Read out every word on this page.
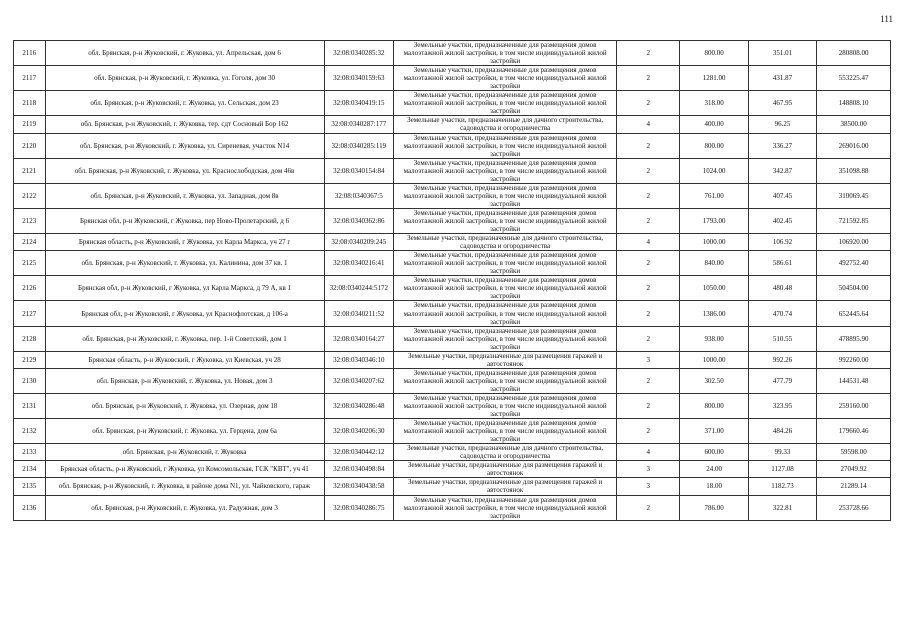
111

2116	обл. Брянская, р-н Жуковский, г. Жуковка, ул. Апрельская, дом 6		32:08:0340285:32	Земельные участки, предназначенные для размещения домов малоэтажной жилой застройки, в том числе индивидуальной жилой застройки	2	800.00	351.01	280808.00
2117	обл. Брянская, р-н Жуковский, г. Жуковка, ул. Гоголя, дом 30		32:08:0340159:63	Земельные участки, предназначенные для размещения домов малоэтажной жилой застройки, в том числе индивидуальной жилой застройки	2	1281.00	431.87	553225.47
2118	обл. Брянская, р-н Жуковский, г. Жуковка, ул. Сельская, дом 23		32:08:0340419:15	Земельные участки, предназначенные для размещения домов малоэтажной жилой застройки, в том числе индивидуальной жилой застройки	2	318.00	467.95	148808.10
2119	обл. Брянская, р-н Жуковский, г. Жуковка, тер. сдт Сосновый Бор 162		32:08:0340287:177	Земельные участки, предназначенные для дачного строительства, садоводства и огородничества	4	400.00	96.25	38500.00
2120	обл. Брянская, р-н Жуковский, г. Жуковка, ул. Сиреневая, участок N14		32:08:0340285:119	Земельные участки, предназначенные для размещения домов малоэтажной жилой застройки, в том числе индивидуальной жилой застройки	2	800.00	336.27	269016.00
2121	обл. Брянская, р-н Жуковский, г. Жуковка, ул. Краснослободская, дом 46в		32:08:0340154:84	Земельные участки, предназначенные для размещения домов малоэтажной жилой застройки, в том числе индивидуальной жилой застройки	2	1024.00	342.87	351098.88
2122	обл. Брянская, р-н Жуковский, г. Жуковка, ул. Западная, дом 8в		32:08:0340367:5	Земельные участки, предназначенные для размещения домов малоэтажной жилой застройки, в том числе индивидуальной жилой застройки	2	761.00	407.45	310069.45
2123	Брянская обл, р-н Жуковский, г Жуковка, пер Ново-Пролетарский, д 6		32:08:0340362:86	Земельные участки, предназначенные для размещения домов малоэтажной жилой застройки, в том числе индивидуальной жилой застройки	2	1793.00	402.45	721592.85
2124	Брянская область, р-н Жуковский, г Жуковка, ул Карла Маркса, уч 27 г		32:08:0340209:245	Земельные участки, предназначенные для дачного строительства, садоводства и огородничества	4	1000.00	106.92	106920.00
2125	обл. Брянская, р-н Жуковский, г. Жуковка, ул. Калинина, дом 37 кв. 1		32:08:0340216:41	Земельные участки, предназначенные для размещения домов малоэтажной жилой застройки, в том числе индивидуальной жилой застройки	2	840.00	586.61	492752.40
2126	Брянская обл, р-н Жуковский, г Жуковка, ул Карла Маркса, д 79 А, кв 1		32:08:0340244:5172	Земельные участки, предназначенные для размещения домов малоэтажной жилой застройки, в том числе индивидуальной жилой застройки	2	1050.00	480.48	504504.00
2127	Брянская обл, р-н Жуковский, г Жуковка, ул Краснофлотская, д 106-а		32:08:0340211:52	Земельные участки, предназначенные для размещения домов малоэтажной жилой застройки, в том числе индивидуальной жилой застройки	2	1386.00	470.74	652445.64
2128	обл. Брянская, р-н Жуковский, г. Жуковка, пер. 1-й Советский, дом 1		32:08:0340164:27	Земельные участки, предназначенные для размещения домов малоэтажной жилой застройки, в том числе индивидуальной жилой застройки	2	938.00	510.55	478895.90
2129	Брянская область, р-н Жуковский, г Жуковка, ул Киевская, уч 28		32:08:0340346:10	Земельные участки, предназначенные для размещения гаражей и автостоянок	3	1000.00	992.26	992260.00
2130	обл. Брянская, р-н Жуковский, г. Жуковка, ул. Новая, дом 3		32:08:0340207:62	Земельные участки, предназначенные для размещения домов малоэтажной жилой застройки, в том числе индивидуальной жилой застройки	2	302.50	477.79	144531.48
2131	обл. Брянская, р-н Жуковский, г. Жуковка, ул. Озерная, дом 18		32:08:0340286:48	Земельные участки, предназначенные для размещения домов малоэтажной жилой застройки, в том числе индивидуальной жилой застройки	2	800.00	323.95	259160.00
2132	обл. Брянская, р-н Жуковский, г. Жуковка, ул. Герцена, дом 6а		32:08:0340206:30	Земельные участки, предназначенные для размещения домов малоэтажной жилой застройки, в том числе индивидуальной жилой застройки	2	371.00	484.26	179660.46
2133	обл. Брянская, р-н Жуковский, г. Жуковка		32:08:0340442:12	Земельные участки, предназначенные для дачного строительства, садоводства и огородничества	4	600.00	99.33	59598.00
2134	Брянская область, р-н Жуковский, г Жуковка, ул Комсомольская, ГСК "КВТ", уч 41		32:08:0340498:84	Земельные участки, предназначенные для размещения гаражей и автостоянок	3	24.00	1127.08	27049.92
2135	обл. Брянская, р-н Жуковский, г. Жуковка, в районе дома N1, ул. Чайковского, гараж		32:08:0340438:58	Земельные участки, предназначенные для размещения гаражей и автостоянок	3	18.00	1182.73	21289.14
2136	обл. Брянская, р-н Жуковский, г. Жуковка, ул. Радужная, дом 3		32:08:0340286:75	Земельные участки, предназначенные для размещения домов малоэтажной жилой застройки, в том числе индивидуальной жилой застройки	2	786.00	322.81	253728.66
